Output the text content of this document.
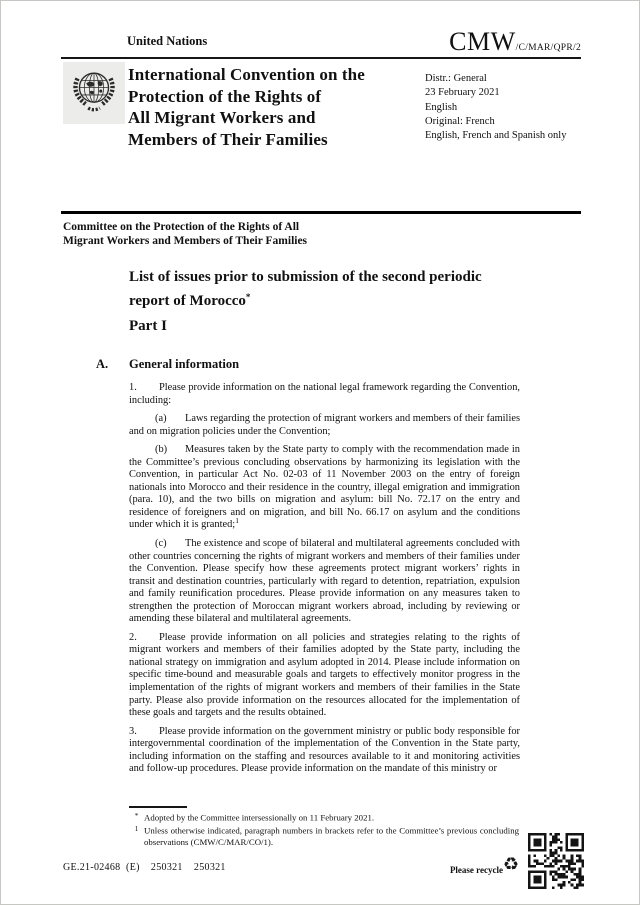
United Nations	CMW/C/MAR/QPR/2
International Convention on the
Protection of the Rights of
All Migrant Workers and
Members of Their Families
Distr.: General
23 February 2021
English
Original: French
English, French and Spanish only
Committee on the Protection of the Rights of All
Migrant Workers and Members of Their Families
List of issues prior to submission of the second periodic report of Morocco*
Part I
A. General information

1. Please provide information on the national legal framework regarding the Convention, including:

(a) Laws regarding the protection of migrant workers and members of their families and on migration policies under the Convention;

(b) Measures taken by the State party to comply with the recommendation made in the Committee’s previous concluding observations by harmonizing its legislation with the Convention, in particular Act No. 02-03 of 11 November 2003 on the entry of foreign nationals into Morocco and their residence in the country, illegal emigration and immigration (para. 10), and the two bills on migration and asylum: bill No. 72.17 on the entry and residence of foreigners and on migration, and bill No. 66.17 on asylum and the conditions under which it is granted;$^1$

(c) The existence and scope of bilateral and multilateral agreements concluded with other countries concerning the rights of migrant workers and members of their families under the Convention. Please specify how these agreements protect migrant workers’ rights in transit and destination countries, particularly with regard to detention, repatriation, expulsion and family reunification procedures. Please provide information on any measures taken to strengthen the protection of Moroccan migrant workers abroad, including by reviewing or amending these bilateral and multilateral agreements.

2. Please provide information on all policies and strategies relating to the rights of migrant workers and members of their families adopted by the State party, including the national strategy on immigration and asylum adopted in 2014. Please include information on specific time-bound and measurable goals and targets to effectively monitor progress in the implementation of the rights of migrant workers and members of their families in the State party. Please also provide information on the resources allocated for the implementation of these goals and targets and the results obtained.

3. Please provide information on the government ministry or public body responsible for intergovernmental coordination of the implementation of the Convention in the State party, including information on the staffing and resources available to it and monitoring activities and follow-up procedures. Please provide information on the mandate of this ministry or

* Adopted by the Committee intersessionally on 11 February 2021.
1 Unless otherwise indicated, paragraph numbers in brackets refer to the Committee’s previous concluding observations (CMW/C/MAR/CO/1).
GE.21-02468  (E)    250321    250321	Please recycle ♻
